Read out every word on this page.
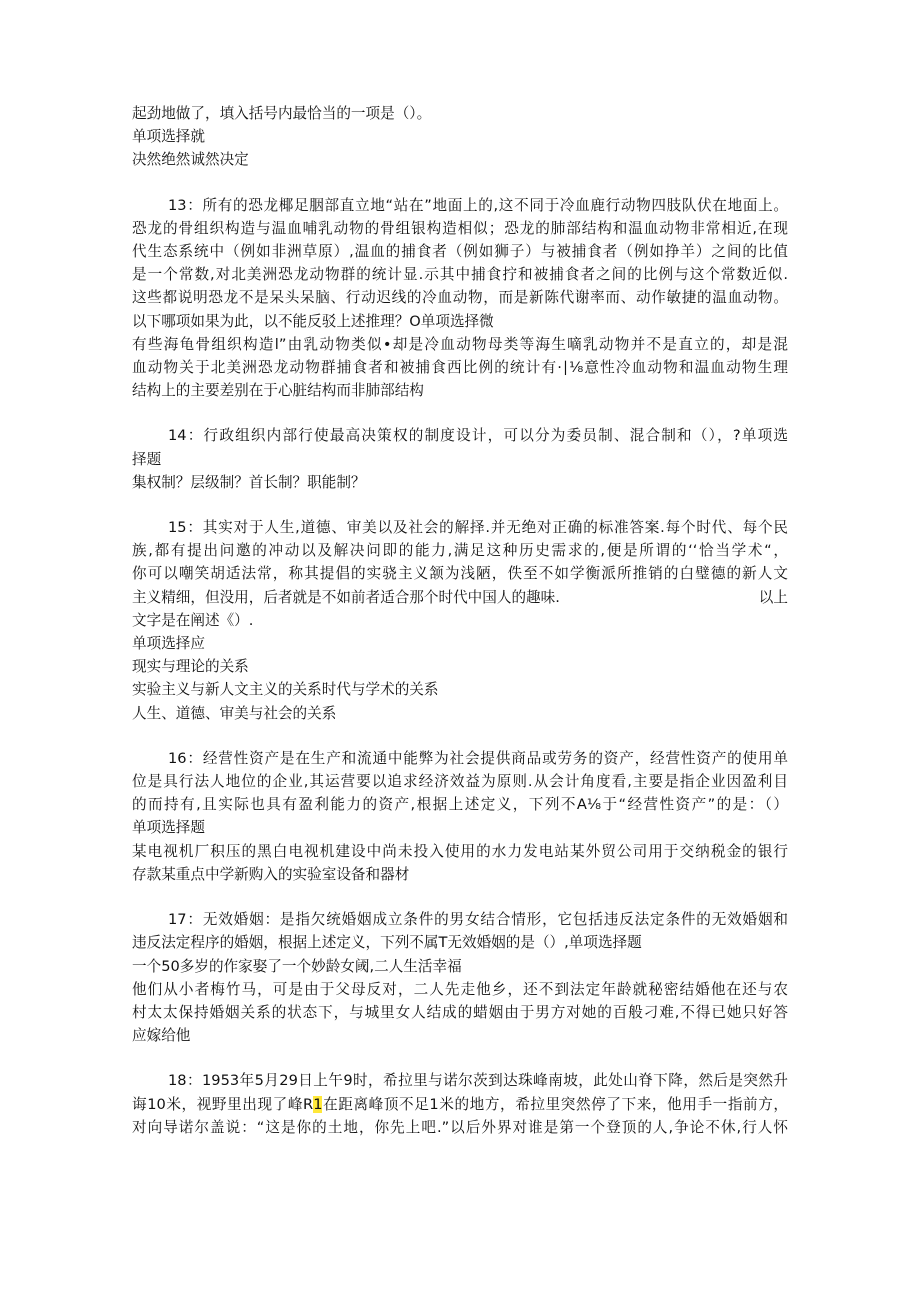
起劲地做了，填入括号内最恰当的一项是（）。
单项选择就
决然绝然诚然决定
13：所有的恐龙椰足胭部直立地“站在”地面上的,这不同于冷血鹿行动物四肢队伏在地面上。
恐龙的骨组织构造与温血哺乳动物的骨组银构造相似；恐龙的肺部结构和温血动物非常相近,在现
代生态系统中（例如非洲草原）,温血的捕食者（例如狮子）与被捕食者（例如挣羊）之间的比值
是一个常数,对北美洲恐龙动物群的统计显.示其中捕食拧和被捕食者之间的比例与这个常数近似.
这些都说明恐龙不是呆头呆脑、行动迟线的冷血动物，而是新陈代谢率而、动作敏捷的温血动物。
以下哪项如果为此，以不能反驳上述推理？O单项选择微
有些海龟骨组织构造l”由乳动物类似•却是冷血动物母类等海生嘀乳动物并不是直立的，却是混
血动物关于北美洲恐龙动物群捕食者和被捕食西比例的统计有·∣⅛意性冷血动物和温血动物生理
结构上的主要差别在于心脏结构而非肺部结构
14：行政组织内部行使最高决策权的制度设计，可以分为委员制、混合制和（），?单项选
择题
集权制？层级制？首长制？职能制？
15：其实对于人生,道德、审美以及社会的解择.并无绝对正确的标准答案.每个时代、每个民
族,都有提出问邀的冲动以及解决问即的能力,满足这种历史需求的,便是所谓的‘‘恰当学术“，
你可以嘲笑胡适法常，称其提倡的实骁主义颔为浅陋，佚至不如学衡派所推销的白璧德的新人文
主义精细，但没用，后者就是不如前者适合那个时代中国人的趣味.	以上
文字是在阐述《）.
单项选择应
现实与理论的关系
实验主义与新人文主义的关系时代与学术的关系
人生、道德、审美与社会的关系
16：经营性资产是在生产和流通中能弊为社会提供商品或劳务的资产，经营性资产的使用单
位是具行法人地位的企业,其运营要以追求经济效益为原则.从会计角度看,主要是指企业因盈利目
的而持有,且实际也具有盈利能力的资产,根据上述定义，下列不A⅛于“经营性资产”的是：（）
单项选择题
某电视机厂积压的黑白电视机建设中尚未投入使用的水力发电站某外贸公司用于交纳税金的银行
存款某重点中学新购入的实验室设备和器材
17：无效婚姻：是指欠统婚姻成立条件的男女结合情形，它包括违反法定条件的无效婚姻和
违反法定程序的婚姻，根据上述定义，下列不属T无效婚姻的是（）,单项选择题
一个50多岁的作家娶了一个妙龄女阈,二人生活幸福
他们从小者梅竹马，可是由于父母反对，二人先走他乡，还不到法定年龄就秘密结婚他在还与农
村太太保持婚姻关系的状态下，与城里女人结成的蜡姻由于男方对她的百般刁难,不得已她只好答
应嫁给他
18：1953年5月29日上午9时，希拉里与诺尔茨到达珠峰南坡，此处山脊下降，然后是突然升
诲10米，视野里出现了峰R1在距离峰顶不足1米的地方，希拉里突然停了下来，他用手一指前方，
对向导诺尔盖说：“这是你的土地，你先上吧.”以后外界对谁是第一个登顶的人,争论不休,行人怀
